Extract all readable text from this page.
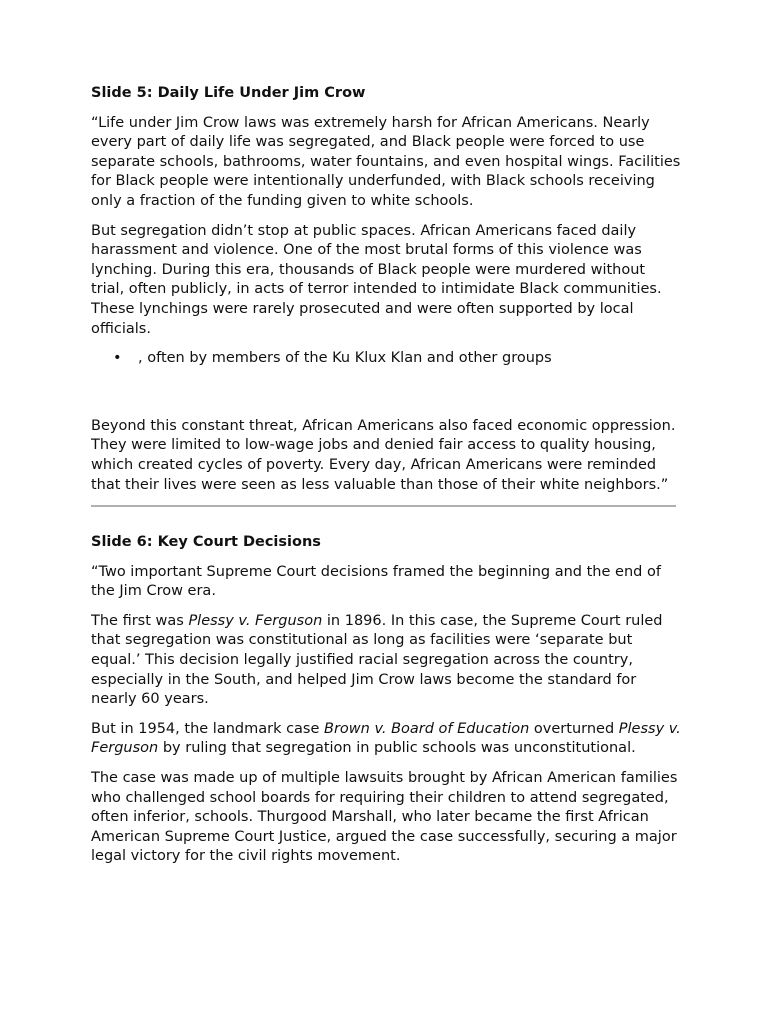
Slide 5: Daily Life Under Jim Crow

“Life under Jim Crow laws was extremely harsh for African Americans. Nearly every part of daily life was segregated, and Black people were forced to use separate schools, bathrooms, water fountains, and even hospital wings. Facilities for Black people were intentionally underfunded, with Black schools receiving only a fraction of the funding given to white schools.

But segregation didn’t stop at public spaces. African Americans faced daily harassment and violence. One of the most brutal forms of this violence was lynching. During this era, thousands of Black people were murdered without trial, often publicly, in acts of terror intended to intimidate Black communities. These lynchings were rarely prosecuted and were often supported by local officials.

• , often by members of the Ku Klux Klan and other groups

Beyond this constant threat, African Americans also faced economic oppression. They were limited to low-wage jobs and denied fair access to quality housing, which created cycles of poverty. Every day, African Americans were reminded that their lives were seen as less valuable than those of their white neighbors.”

Slide 6: Key Court Decisions

“Two important Supreme Court decisions framed the beginning and the end of the Jim Crow era.

The first was Plessy v. Ferguson in 1896. In this case, the Supreme Court ruled that segregation was constitutional as long as facilities were ‘separate but equal.’ This decision legally justified racial segregation across the country, especially in the South, and helped Jim Crow laws become the standard for nearly 60 years.

But in 1954, the landmark case Brown v. Board of Education overturned Plessy v. Ferguson by ruling that segregation in public schools was unconstitutional.

The case was made up of multiple lawsuits brought by African American families who challenged school boards for requiring their children to attend segregated, often inferior, schools. Thurgood Marshall, who later became the first African American Supreme Court Justice, argued the case successfully, securing a major legal victory for the civil rights movement.
